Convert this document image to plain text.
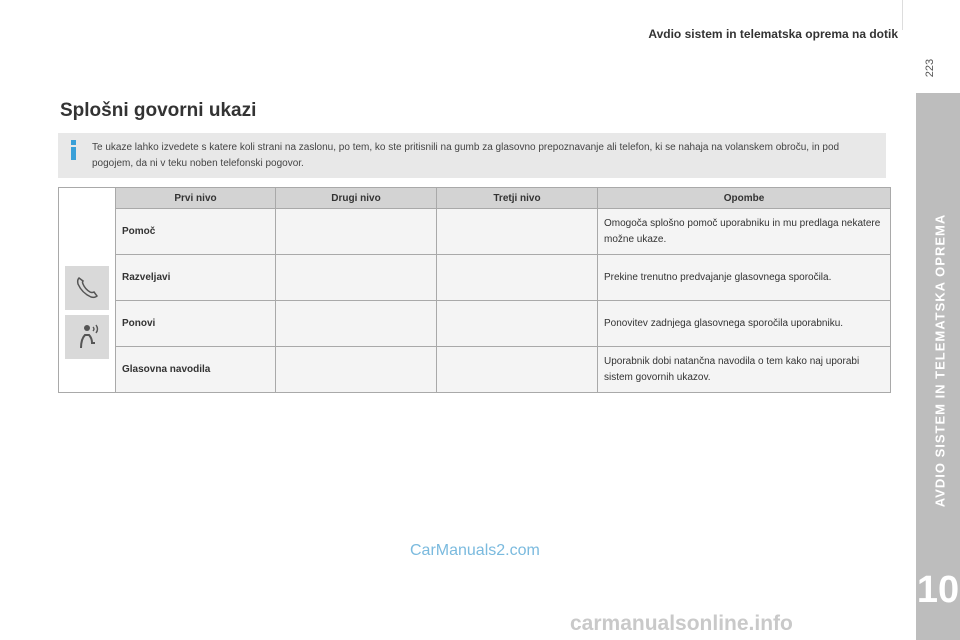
Avdio sistem in telematska oprema na dotik
223
AVDIO SISTEM IN TELEMATSKA OPREMA
10
Splošni govorni ukazi
Te ukaze lahko izvedete s katere koli strani na zaslonu, po tem, ko ste pritisnili na gumb za glasovno prepoznavanje ali telefon, ki se nahaja na volanskem obroču, in pod pogojem, da ni v teku noben telefonski pogovor.
	Prvi nivo	Drugi nivo	Tretji nivo	Opombe
	Pomoč			Omogoča splošno pomoč uporabniku in mu predlaga nekatere možne ukaze.
	Razveljavi			Prekine trenutno predvajanje glasovnega sporočila.
	Ponovi			Ponovitev zadnjega glasovnega sporočila uporabniku.
	Glasovna navodila			Uporabnik dobi natančna navodila o tem kako naj uporabi sistem govornih ukazov.
CarManuals2.com
carmanualsonline.info
